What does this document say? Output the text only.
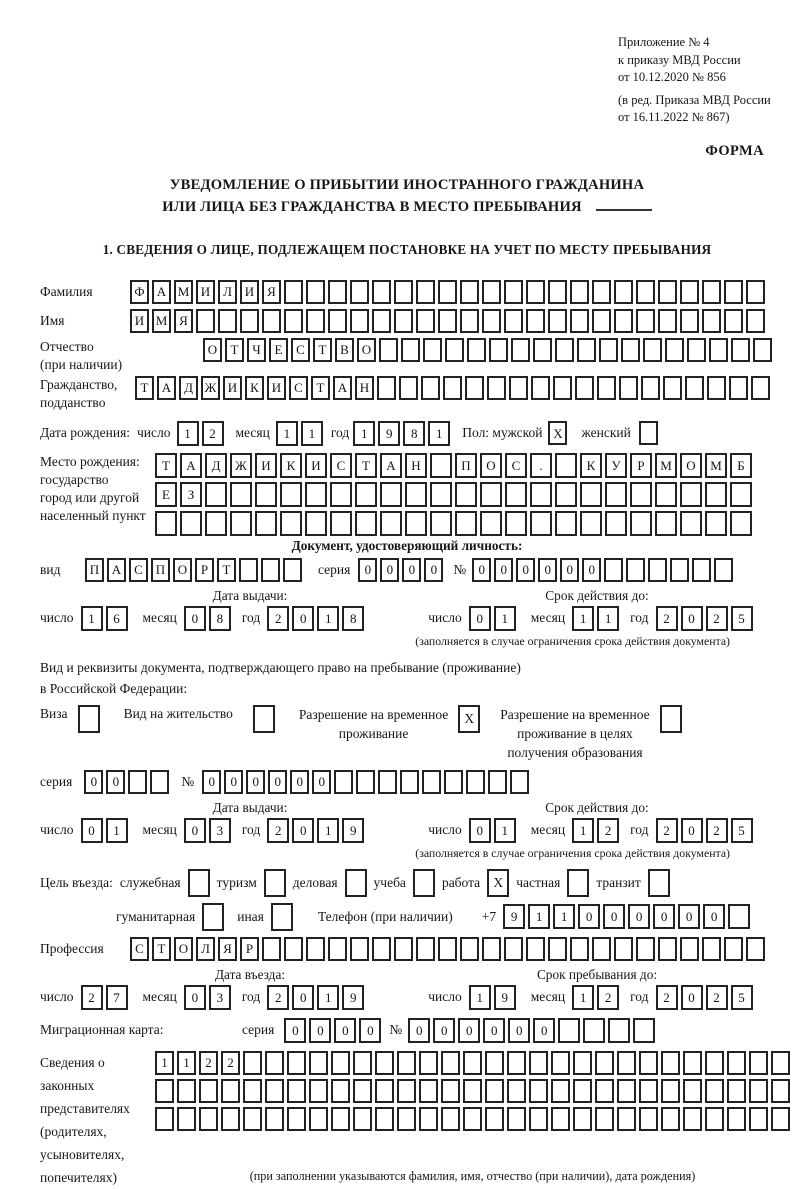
Приложение № 4
к приказу МВД России
от 10.12.2020 № 856
(в ред. Приказа МВД России
от 16.11.2022 № 867)
ФОРМА
УВЕДОМЛЕНИЕ О ПРИБЫТИИ ИНОСТРАННОГО ГРАЖДАНИНА
ИЛИ ЛИЦА БЕЗ ГРАЖДАНСТВА В МЕСТО ПРЕБЫВАНИЯ
1. СВЕДЕНИЯ О ЛИЦЕ, ПОДЛЕЖАЩЕМ ПОСТАНОВКЕ НА УЧЕТ ПО МЕСТУ ПРЕБЫВАНИЯ
Фамилия	Ф А М И Л И Я
Имя	И М Я
Отчество
(при наличии)
О	Т	Ч	Е	С	Т	В О
Гражданство,
подданство
Т	А Д Ж И К И С	Т	А Н
Дата рождения: число	1	2	месяц	1	1	год 1	9	8	1	Пол: мужской X	женский
Место рождения:
государство
город или другой
населенный пункт
Т	А	Д	Ж	И	К	И	С	Т	А	Н	П	О	С	.	К	У	Р	М	О	М	Б
Е	З
Документ, удостоверяющий личность:
вид	П А С П О	Р	Т	серия	0	0	0	0	№ 0	0	0	0	0	0
Дата выдачи:	Срок действия до:
число	1	6	месяц	0	8	год	2	0	1	8	число	0	1	месяц	1	1	год	2	0	2	5
(заполняется в случае ограничения срока действия документа)
Вид и реквизиты документа, подтверждающего право на пребывание (проживание)
в Российской Федерации:
Виза	Вид на жительство	Разрешение на временное
проживание
X	Разрешение на временное
проживание в целях
получения образования
серия	0	0	№	0	0	0	0	0	0
Дата выдачи:	Срок действия до:
число	0	1	месяц	0	3	год	2	0	1	9	число	0	1	месяц	1	2	год	2	0	2	5
(заполняется в случае ограничения срока действия документа)
Цель въезда: служебная	туризм	деловая	учеба	работа X частная	транзит
гуманитарная	иная	Телефон (при наличии) +7	9	1	1	0	0	0	0	0	0
Профессия	С	Т	О Л	Я	Р
Дата въезда:	Срок пребывания до:
число	2	7	месяц	0	3	год	2	0	1	9	число	1	9	месяц	1	2	год	2	0	2	5
Миграционная карта:	серия	0	0	0	0	№	0	0	0	0	0	0
Сведения о
законных
представителях
(родителях,
усыновителях,
попечителях)
1	1	2	2
(при заполнении указываются фамилия, имя, отчество (при наличии), дата рождения)
